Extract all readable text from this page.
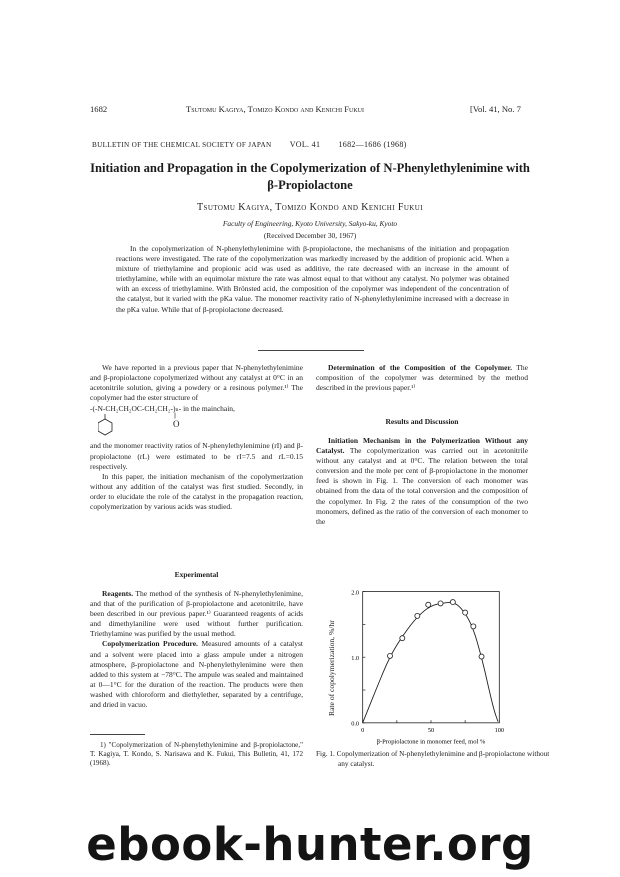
1682	Tsutomu Kagiya, Tomizo Kondo and Kenichi Fukui	[Vol. 41, No. 7
BULLETIN OF THE CHEMICAL SOCIETY OF JAPAN VOL. 41 1682—1686 (1968)
Initiation and Propagation in the Copolymerization of N-Phenylethylenimine with β-Propiolactone
Tsutomu Kagiya, Tomizo Kondo and Kenichi Fukui
Faculty of Engineering, Kyoto University, Sakyo-ku, Kyoto
(Received December 30, 1967)

In the copolymerization of N-phenylethylenimine with β-propiolactone, the mechanisms of the initiation and propagation reactions were investigated. The rate of the copolymerization was markedly increased by the addition of propionic acid. When a mixture of triethylamine and propionic acid was used as additive, the rate decreased with an increase in the amount of triethylamine, while with an equimolar mixture the rate was almost equal to that without any catalyst. No polymer was obtained with an excess of triethylamine. With Brönsted acid, the composition of the copolymer was independent of the concentration of the catalyst, but it varied with the pKa value. The monomer reactivity ratio of N-phenylethylenimine increased with a decrease in the pKa value. While that of β-propiolactone decreased.

We have reported in a previous paper that N-phenylethylenimine and β-propiolactone copolymerized without any catalyst at 0°C in an acetonitrile solution, giving a powdery or a resinous polymer.¹⁾ The copolymer had the ester structure of

-(-N-CH₂CH₂OC-CH₂CH₂-)ₙ- in the mainchain,
||
O

and the monomer reactivity ratios of N-phenylethylenimine (rI) and β-propiolactone (rL) were estimated to be rI=7.5 and rL=0.15 respectively.

In this paper, the initiation mechanism of the copolymerization without any addition of the catalyst was first studied. Secondly, in order to elucidate the role of the catalyst in the propagation reaction, copolymerization by various acids was studied.

Experimental

Reagents. The method of the synthesis of N-phenylethylenimine, and that of the purification of β-propiolactone and acetonitrile, have been described in our previous paper.¹⁾ Guaranteed reagents of acids and dimethylaniline were used without further purification. Triethylamine was purified by the usual method.

Copolymerization Procedure. Measured amounts of a catalyst and a solvent were placed into a glass ampule under a nitrogen atmosphere, β-propiolactone and N-phenylethylenimine were then added to this system at −78°C. The ampule was sealed and maintained at 0—1°C for the duration of the reaction. The products were then washed with chloroform and diethylether, separated by a centrifuge, and dried in vacuo.

1) "Copolymerization of N-phenylethylenimine and β-propiolactone," T. Kagiya, T. Kondo, S. Narisawa and K. Fukui, This Bulletin, 41, 172 (1968).

Determination of the Composition of the Copolymer. The composition of the copolymer was determined by the method described in the previous paper.¹⁾

Results and Discussion

Initiation Mechanism in the Polymerization Without any Catalyst. The copolymerization was carried out in acetonitrile without any catalyst and at 0°C. The relation between the total conversion and the mole per cent of β-propiolactone in the monomer feed is shown in Fig. 1. The conversion of each monomer was obtained from the data of the total conversion and the composition of the copolymer. In Fig. 2 the rates of the consumption of the two monomers, defined as the ratio of the conversion of each monomer to the

Rate of copolymerization, %/hr
2.0
1.0
0.0
0	50	100
β-Propiolactone in monomer feed, mol %

Fig. 1. Copolymerization of N-phenylethylenimine and β-propiolactone without any catalyst.

ebook-hunter.org
